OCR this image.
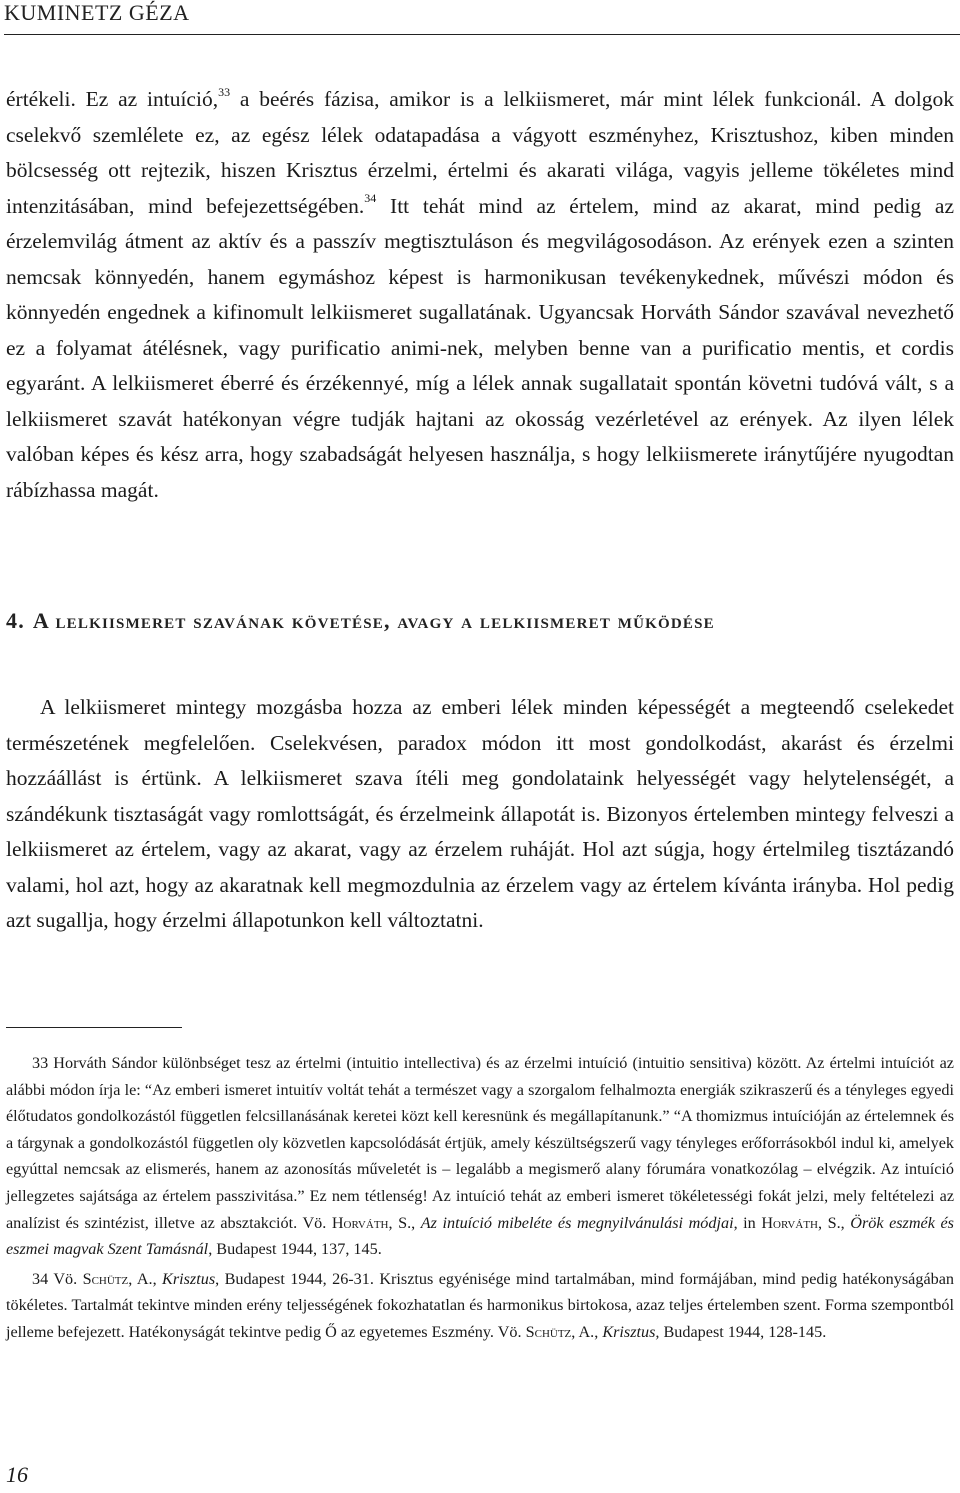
KUMINETZ GÉZA

értékeli. Ez az intuíció,$^{33}$ a beérés fázisa, amikor is a lelkiismeret, már mint lélek funkcionál. A dolgok cselekvő szemlélete ez, az egész lélek odatapadása a vágyott eszményhez, Krisztushoz, kiben minden bölcsesség ott rejtezik, hiszen Krisztus érzelmi, értelmi és akarati világa, vagyis jelleme tökéletes mind intenzitásában, mind befejezettségében.$^{34}$ Itt tehát mind az értelem, mind az akarat, mind pedig az érzelemvilág átment az aktív és a passzív megtisztuláson és megvilágosodáson. Az erények ezen a szinten nemcsak könnyedén, hanem egymáshoz képest is harmonikusan tevékenykednek, művészi módon és könnyedén engednek a kifinomult lelkiismeret sugallatának. Ugyancsak Horváth Sándor szavával nevezhető ez a folyamat átélésnek, vagy purificatio animi-nek, melyben benne van a purificatio mentis, et cordis egyaránt. A lelkiismeret éberré és érzékennyé, míg a lélek annak sugallatait spontán követni tudóvá vált, s a lelkiismeret szavát hatékonyan végre tudják hajtani az okosság vezérletével az erények. Az ilyen lélek valóban képes és kész arra, hogy szabadságát helyesen használja, s hogy lelkiismerete iránytűjére nyugodtan rábízhassa magát.

4. A lelkiismeret szavának követése, avagy a lelkiismeret működése

A lelkiismeret mintegy mozgásba hozza az emberi lélek minden képességét a megteendő cselekedet természetének megfelelően. Cselekvésen, paradox módon itt most gondolkodást, akarást és érzelmi hozzáállást is értünk. A lelkiismeret szava ítéli meg gondolataink helyességét vagy helytelenségét, a szándékunk tisztaságát vagy romlottságát, és érzelmeink állapotát is. Bizonyos értelemben mintegy felveszi a lelkiismeret az értelem, vagy az akarat, vagy az érzelem ruháját. Hol azt súgja, hogy értelmileg tisztázandó valami, hol azt, hogy az akaratnak kell megmozdulnia az érzelem vagy az értelem kívánta irányba. Hol pedig azt sugallja, hogy érzelmi állapotunkon kell változtatni.

33 Horváth Sándor különbséget tesz az értelmi (intuitio intellectiva) és az érzelmi intuíció (intuitio sensitiva) között. Az értelmi intuíciót az alábbi módon írja le: “Az emberi ismeret intuitív voltát tehát a természet vagy a szorgalom felhalmozta energiák szikraszerű és a tényleges egyedi élőtudatos gondolkozástól független felcsillanásának keretei közt kell keresnünk és megállapítanunk.” “A thomizmus intuícióján az értelemnek és a tárgynak a gondolkozástól független oly közvetlen kapcsolódását értjük, amely készültségszerű vagy tényleges erőforrásokból indul ki, amelyek egyúttal nemcsak az elismerés, hanem az azonosítás műveletét is – legalább a megismerő alany fórumára vonatkozólag – elvégzik. Az intuíció jellegzetes sajátsága az értelem passzivitása.” Ez nem tétlenség! Az intuíció tehát az emberi ismeret tökéletességi fokát jelzi, mely feltételezi az analízist és szintézist, illetve az absztakciót. Vö. Horváth, S., Az intuíció mibeléte és megnyilvánulási módjai, in Horváth, S., Örök eszmék és eszmei magvak Szent Tamásnál, Budapest 1944, 137, 145.

34 Vö. Schütz, A., Krisztus, Budapest 1944, 26-31. Krisztus egyénisége mind tartalmában, mind formájában, mind pedig hatékonyságában tökéletes. Tartalmát tekintve minden erény teljességének fokozhatatlan és harmonikus birtokosa, azaz teljes értelemben szent. Forma szempontból jelleme befejezett. Hatékonyságát tekintve pedig Ő az egyetemes Eszmény. Vö. Schütz, A., Krisztus, Budapest 1944, 128-145.

16
